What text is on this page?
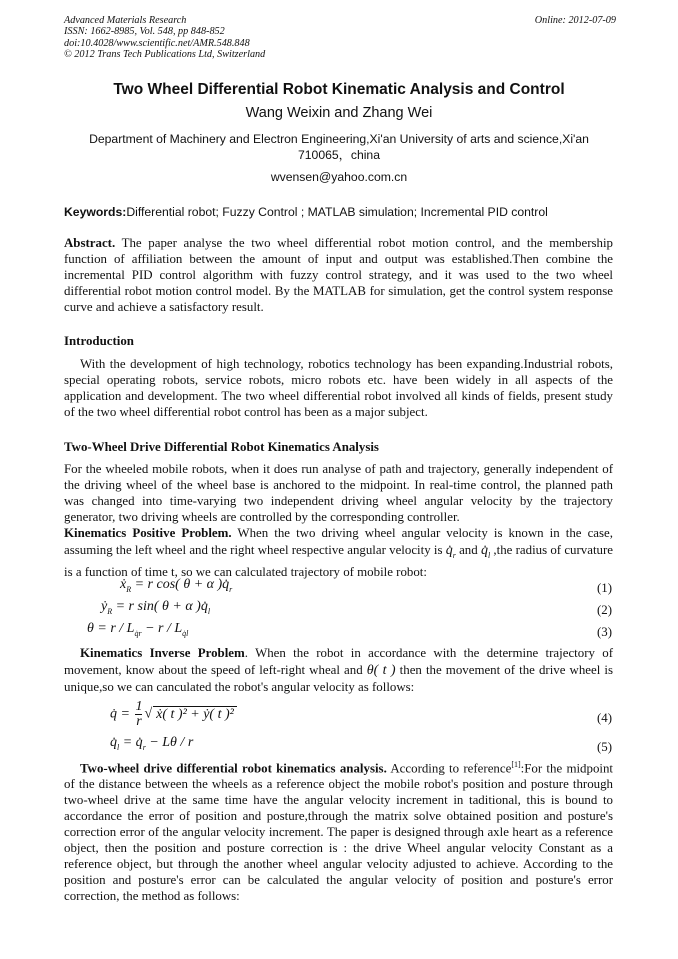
Advanced Materials Research
ISSN: 1662-8985, Vol. 548, pp 848-852
doi:10.4028/www.scientific.net/AMR.548.848
© 2012 Trans Tech Publications Ltd, Switzerland
Online: 2012-07-09
Two Wheel Differential Robot Kinematic Analysis and Control
Wang Weixin and Zhang Wei
Department of Machinery and Electron Engineering,Xi'an University of arts and science,Xi'an 710065，china
wvensen@yahoo.com.cn
Keywords:Differential robot; Fuzzy Control ; MATLAB simulation; Incremental PID control
Abstract. The paper analyse the two wheel differential robot motion control, and the membership function of affiliation between the amount of input and output was established.Then combine the incremental PID control algorithm with fuzzy control strategy, and it was used to the two wheel differential robot motion control model. By the MATLAB for simulation, get the control system response curve and achieve a satisfactory result.
Introduction
With the development of high technology, robotics technology has been expanding.Industrial robots, special operating robots, service robots, micro robots etc. have been widely in all aspects of the application and development. The two wheel differential robot involved all kinds of fields, present study of the two wheel differential robot control has been as a major subject.
Two-Wheel Drive Differential Robot Kinematics Analysis
For the wheeled mobile robots, when it does run analyse of path and trajectory, generally independent of the driving wheel of the wheel base is anchored to the midpoint. In real-time control, the planned path was changed into time-varying two independent driving wheel angular velocity by the trajectory generator, two driving wheels are controlled by the corresponding controller.
Kinematics Positive Problem. When the two driving wheel angular velocity is known in the case, assuming the left wheel and the right wheel respective angular velocity is $q̇_r$ and $q̇_l$ ,the radius of curvature is a function of time t, so we can calculated trajectory of mobile robot:
ẋ$_R$ = r cos( θ + α )$q̇_r$	(1)
ẏ$_R$ = r sin( θ + α )$q̇_l$	(2)
$\theta = r / L_{q̇r} - r / L_{q̇l}$	(3)
Kinematics Inverse Problem. When the robot in accordance with the determine trajectory of movement, know about the speed of left-right wheal and θ( t ) then the movement of the drive wheel is unique,so we can canculated the robot's angular velocity as follows:
q̇ = $\frac{1}{r}$ √ ẋ( t )² + ẏ( t )²	(4)
$q̇_l$ = $q̇_r - L\theta / r$	(5)
Two-wheel drive differential robot kinematics analysis. According to reference[1]:For the midpoint of the distance between the wheels as a reference object the mobile robot's position and posture through two-wheel drive at the same time have the angular velocity increment in taditional, this is bound to accordance the error of position and posture,through the matrix solve obtained position and posture's correction error of the angular velocity increment. The paper is designed through axle heart as a reference object, then the position and posture correction is : the drive Wheel angular velocity Constant as a reference object, but through the another wheel angular velocity adjusted to achieve. According to the position and posture's error can be calculated the angular velocity of position and posture's error correction, the method as follows:
